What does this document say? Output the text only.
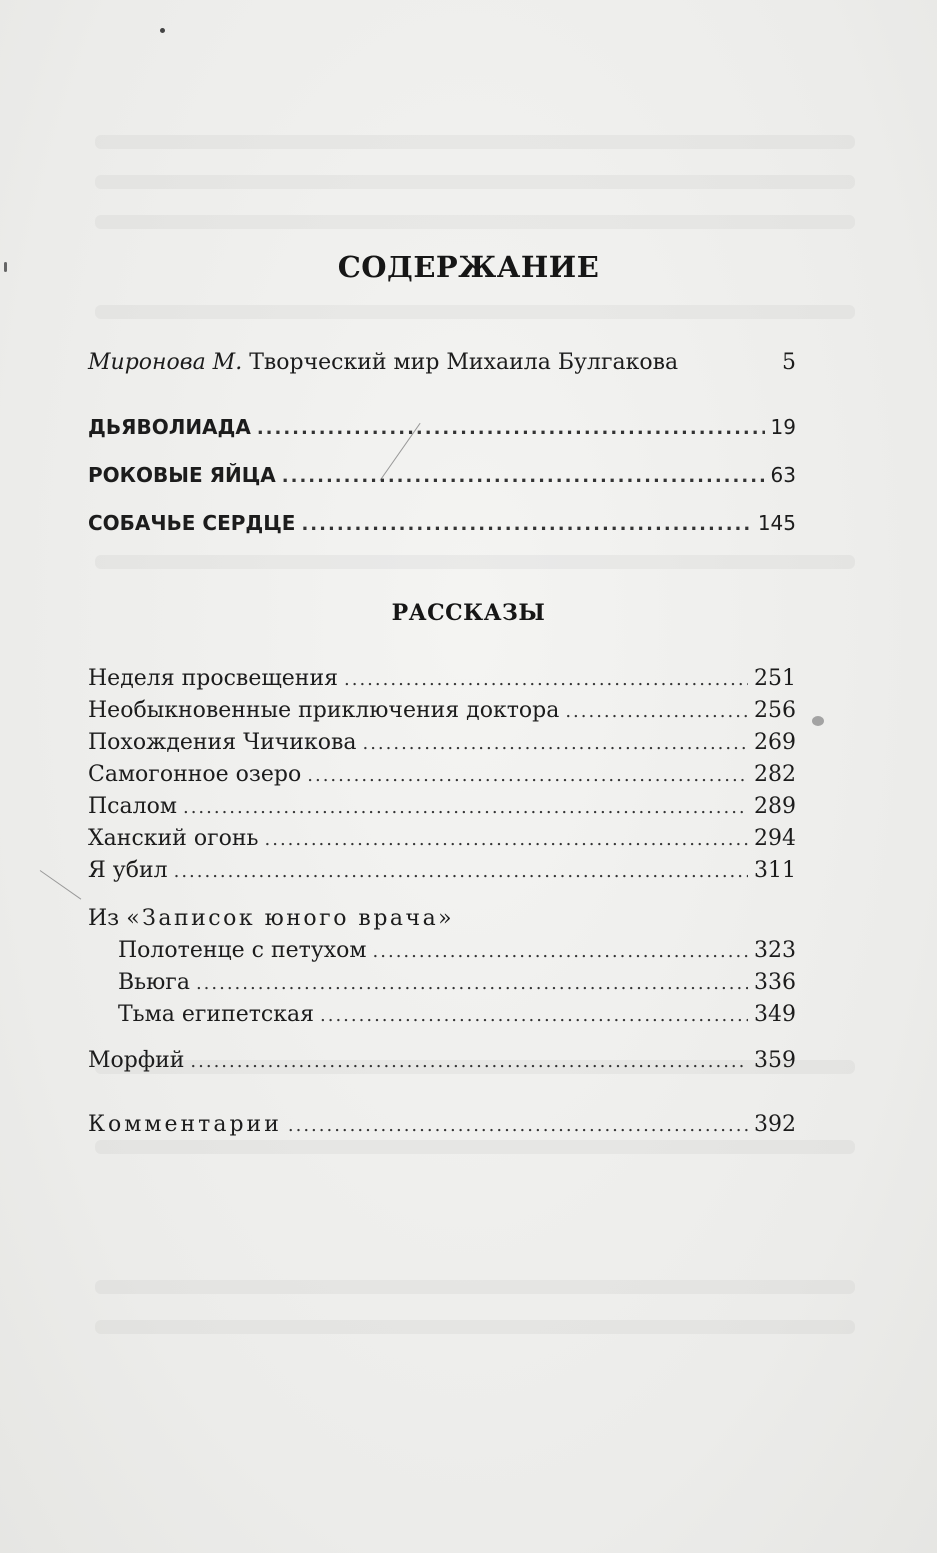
СОДЕРЖАНИЕ
Миронова М. Творческий мир Михаила Булгакова	5
ДЬЯВОЛИАДА .....	19
РОКОВЫЕ ЯЙЦА .....	63
СОБАЧЬЕ СЕРДЦЕ .....	145
РАССКАЗЫ
Неделя просвещения .....	251
Необыкновенные приключения доктора .....	256
Похождения Чичикова .....	269
Самогонное озеро .....	282
Псалом .....	289
Ханский огонь .....	294
Я убил .....	311
Из «Записок юного врача»
Полотенце с петухом .....	323
Вьюга .....	336
Тьма египетская .....	349
Морфий .....	359
Комментарии .....	392
